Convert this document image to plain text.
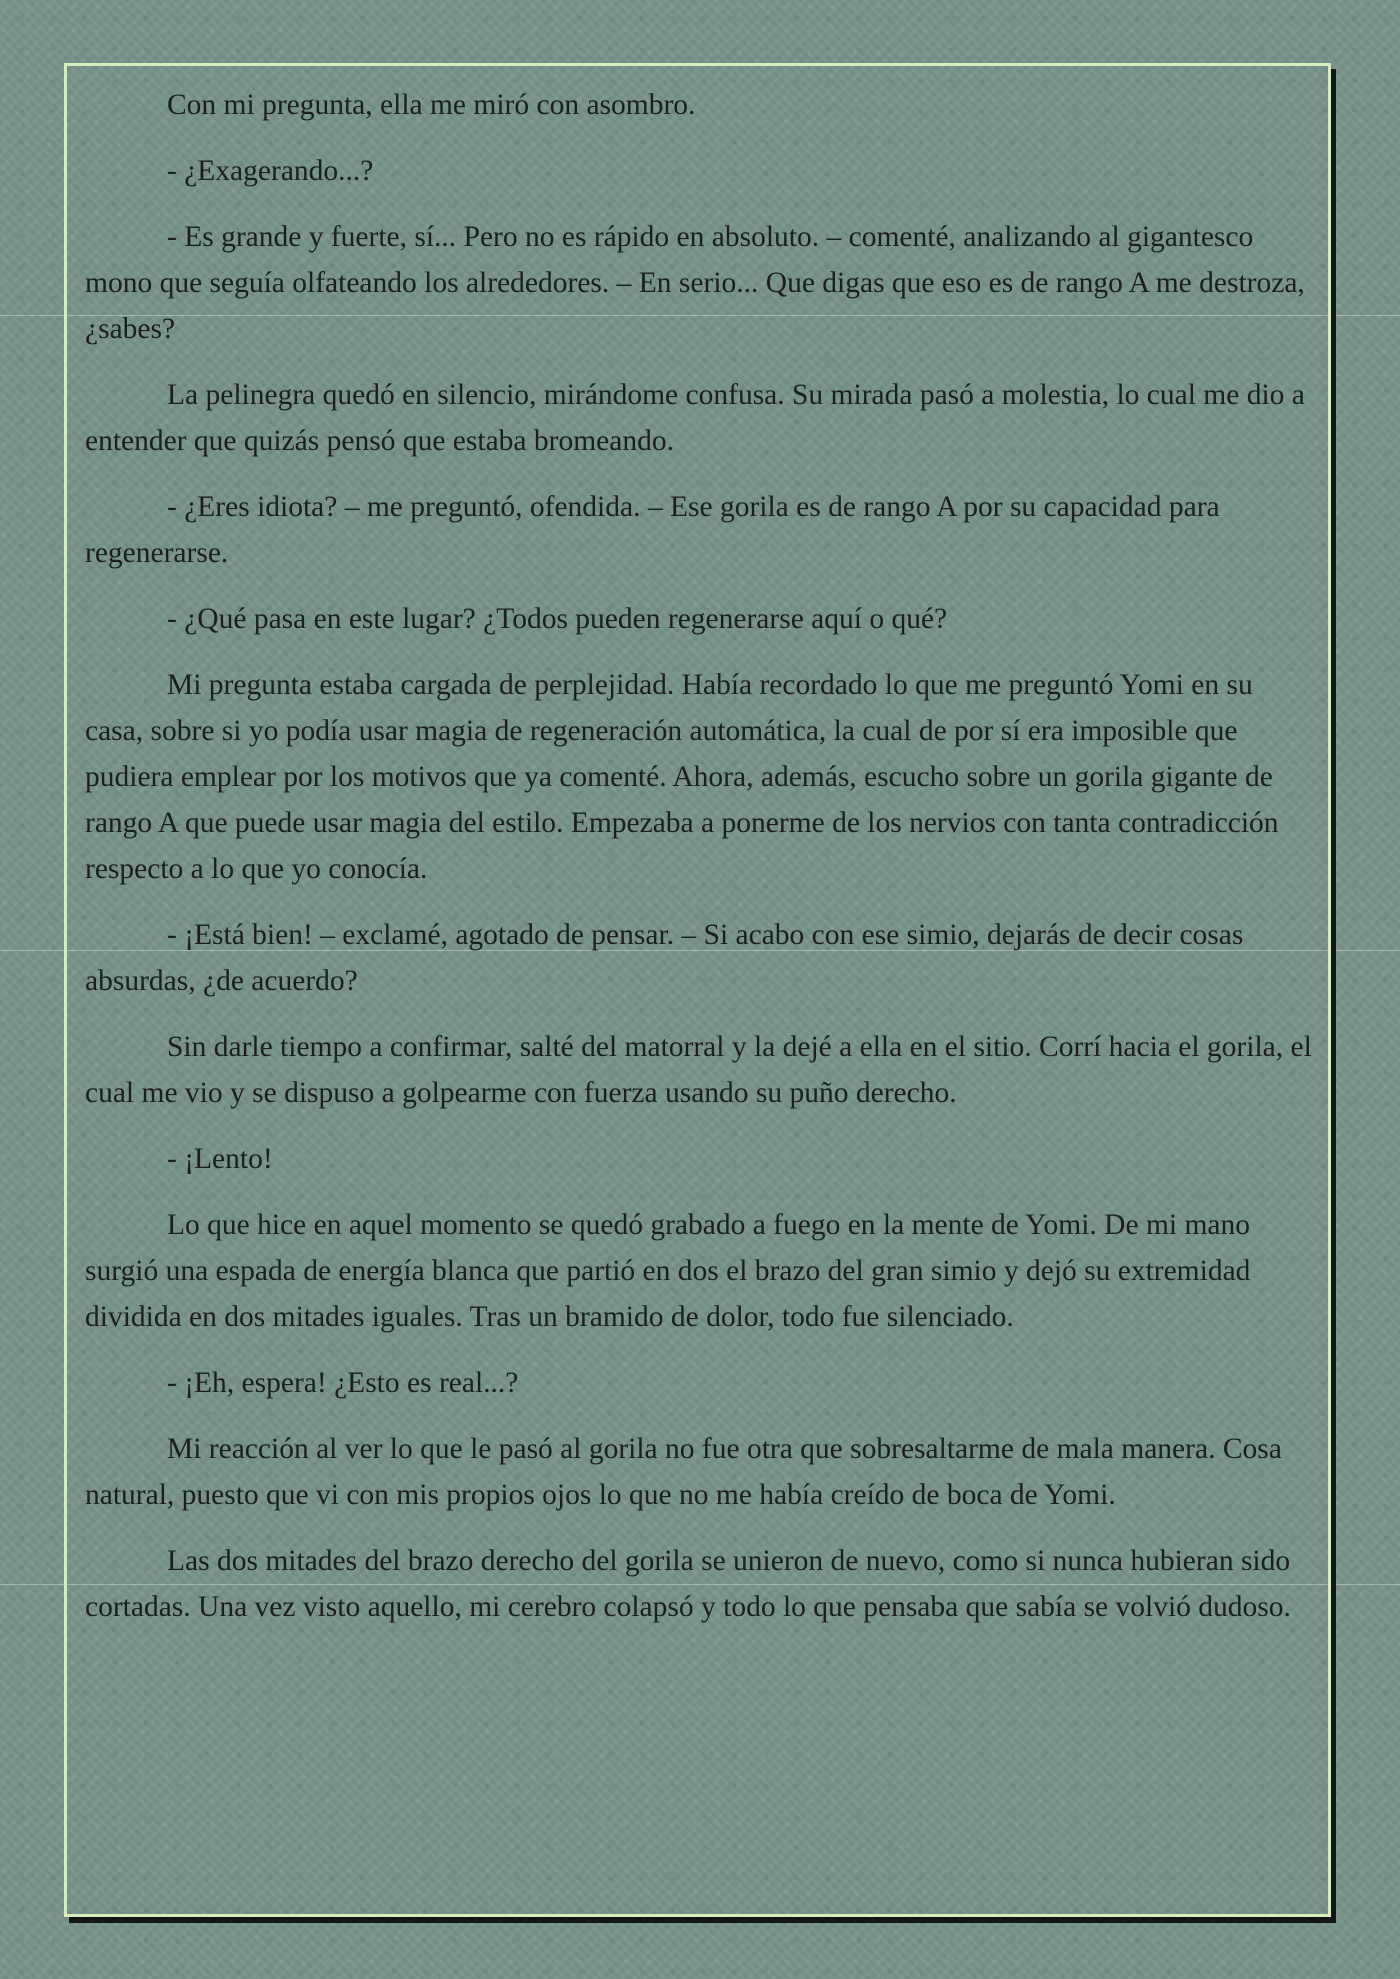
Con mi pregunta, ella me miró con asombro.

- ¿Exagerando...?

- Es grande y fuerte, sí... Pero no es rápido en absoluto. – comenté, analizando al gigantesco mono que seguía olfateando los alrededores. – En serio... Que digas que eso es de rango A me destroza, ¿sabes?

La pelinegra quedó en silencio, mirándome confusa. Su mirada pasó a molestia, lo cual me dio a entender que quizás pensó que estaba bromeando.

- ¿Eres idiota? – me preguntó, ofendida. – Ese gorila es de rango A por su capacidad para regenerarse.

- ¿Qué pasa en este lugar? ¿Todos pueden regenerarse aquí o qué?

Mi pregunta estaba cargada de perplejidad. Había recordado lo que me preguntó Yomi en su casa, sobre si yo podía usar magia de regeneración automática, la cual de por sí era imposible que pudiera emplear por los motivos que ya comenté. Ahora, además, escucho sobre un gorila gigante de rango A que puede usar magia del estilo. Empezaba a ponerme de los nervios con tanta contradicción respecto a lo que yo conocía.

- ¡Está bien! – exclamé, agotado de pensar. – Si acabo con ese simio, dejarás de decir cosas absurdas, ¿de acuerdo?

Sin darle tiempo a confirmar, salté del matorral y la dejé a ella en el sitio. Corrí hacia el gorila, el cual me vio y se dispuso a golpearme con fuerza usando su puño derecho.

- ¡Lento!

Lo que hice en aquel momento se quedó grabado a fuego en la mente de Yomi. De mi mano surgió una espada de energía blanca que partió en dos el brazo del gran simio y dejó su extremidad dividida en dos mitades iguales. Tras un bramido de dolor, todo fue silenciado.

- ¡Eh, espera! ¿Esto es real...?

Mi reacción al ver lo que le pasó al gorila no fue otra que sobresaltarme de mala manera. Cosa natural, puesto que vi con mis propios ojos lo que no me había creído de boca de Yomi.

Las dos mitades del brazo derecho del gorila se unieron de nuevo, como si nunca hubieran sido cortadas. Una vez visto aquello, mi cerebro colapsó y todo lo que pensaba que sabía se volvió dudoso.
